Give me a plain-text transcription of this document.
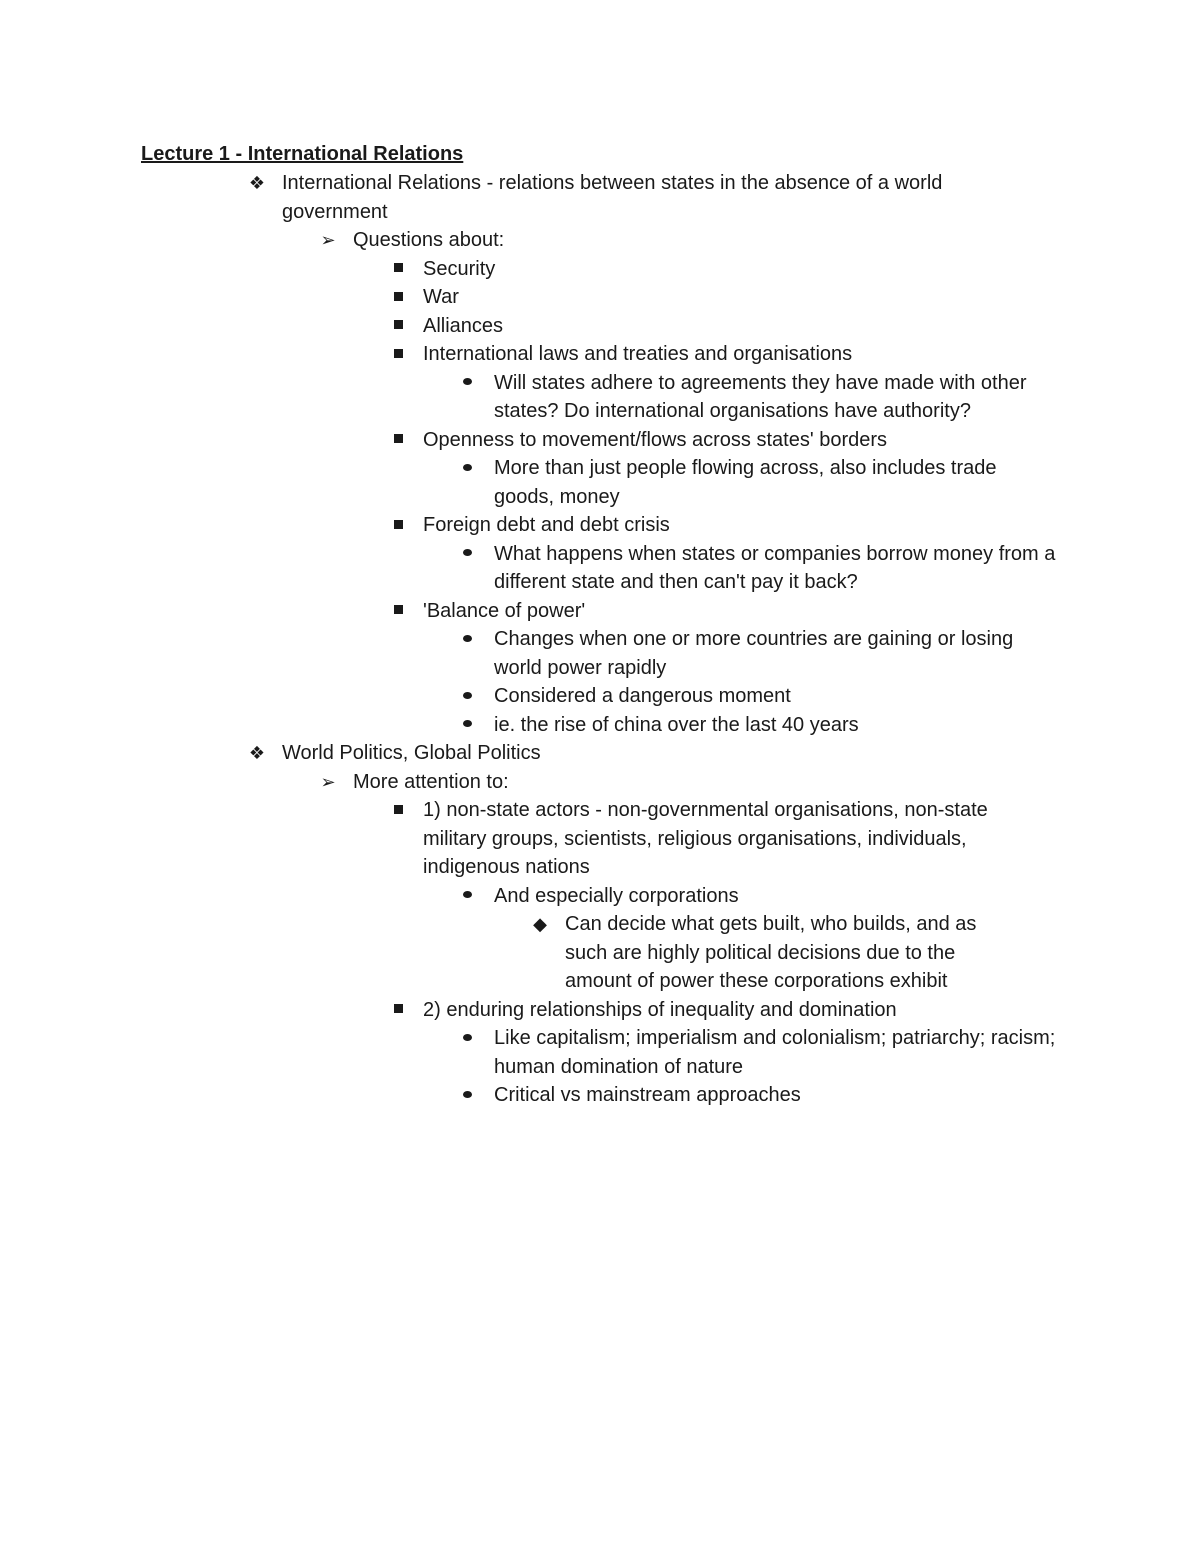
Lecture 1 - International Relations
❖ International Relations - relations between states in the absence of a world government
➢ Questions about:
Security
War
Alliances
International laws and treaties and organisations
Will states adhere to agreements they have made with other states? Do international organisations have authority?
Openness to movement/flows across states' borders
More than just people flowing across, also includes trade goods, money
Foreign debt and debt crisis
What happens when states or companies borrow money from a different state and then can't pay it back?
'Balance of power'
Changes when one or more countries are gaining or losing world power rapidly
Considered a dangerous moment
ie. the rise of china over the last 40 years
❖ World Politics, Global Politics
➢ More attention to:
1) non-state actors - non-governmental organisations, non-state military groups, scientists, religious organisations, individuals, indigenous nations
And especially corporations
◆ Can decide what gets built, who builds, and as such are highly political decisions due to the amount of power these corporations exhibit
2) enduring relationships of inequality and domination
Like capitalism; imperialism and colonialism; patriarchy; racism; human domination of nature
Critical vs mainstream approaches
